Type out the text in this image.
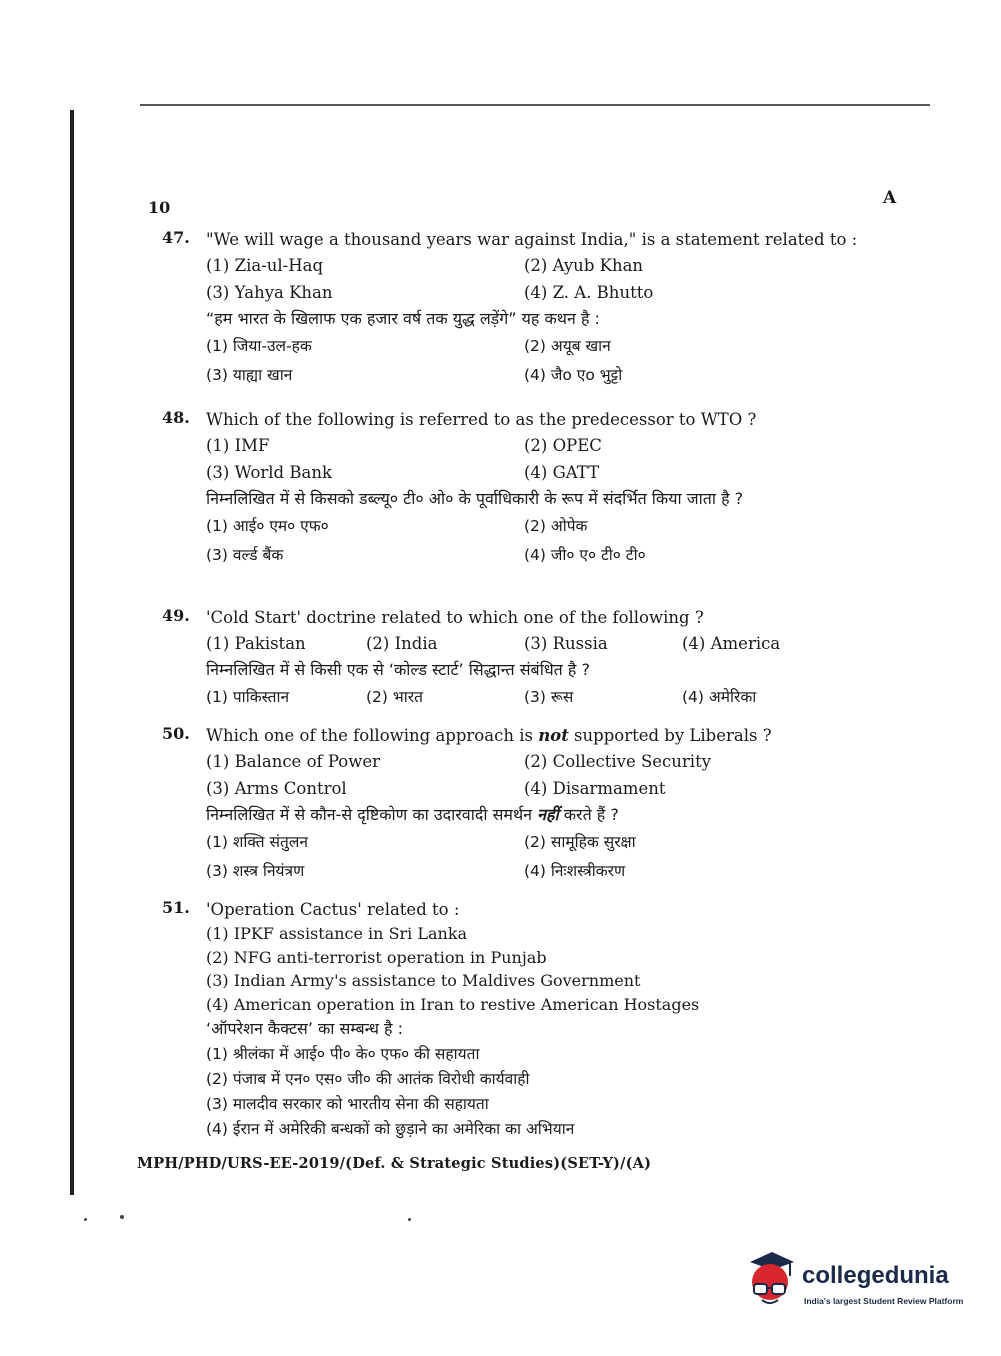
10	A
47. "We will wage a thousand years war against India," is a statement related to :
(1) Zia-ul-Haq	(2) Ayub Khan
(3) Yahya Khan	(4) Z. A. Bhutto
“हम भारत के खिलाफ एक हजार वर्ष तक युद्ध लड़ेंगे” यह कथन है :
(1) जिया-उल-हक	(2) अयूब खान
(3) याह्या खान	(4) जैo एo भुट्टो
48. Which of the following is referred to as the predecessor to WTO ?
(1) IMF	(2) OPEC
(3) World Bank	(4) GATT
निम्नलिखित में से किसको डब्ल्यू० टी० ओ० के पूर्वाधिकारी के रूप में संदर्भित किया जाता है ?
(1) आई० एम० एफ०	(2) ओपेक
(3) वर्ल्ड बैंक	(4) जी० ए० टी० टी०
49. 'Cold Start' doctrine related to which one of the following ?
(1) Pakistan	(2) India	(3) Russia	(4) America
निम्नलिखित में से किसी एक से ‘कोल्ड स्टार्ट’ सिद्धान्त संबंधित है ?
(1) पाकिस्तान	(2) भारत	(3) रूस	(4) अमेरिका
50. Which one of the following approach is not supported by Liberals ?
(1) Balance of Power	(2) Collective Security
(3) Arms Control	(4) Disarmament
निम्नलिखित में से कौन-से दृष्टिकोण का उदारवादी समर्थन नहीं करते हैं ?
(1) शक्ति संतुलन	(2) सामूहिक सुरक्षा
(3) शस्त्र नियंत्रण	(4) निःशस्त्रीकरण
51. 'Operation Cactus' related to :
(1) IPKF assistance in Sri Lanka
(2) NFG anti-terrorist operation in Punjab
(3) Indian Army's assistance to Maldives Government
(4) American operation in Iran to restive American Hostages
‘ऑपरेशन कैक्टस’ का सम्बन्ध है :
(1) श्रीलंका में आई० पी० के० एफ० की सहायता
(2) पंजाब में एन० एस० जी० की आतंक विरोधी कार्यवाही
(3) मालदीव सरकार को भारतीय सेना की सहायता
(4) ईरान में अमेरिकी बन्धकों को छुड़ाने का अमेरिका का अभियान
MPH/PHD/URS-EE-2019/(Def. & Strategic Studies)(SET-Y)/(A)
collegedunia
India's largest Student Review Platform
